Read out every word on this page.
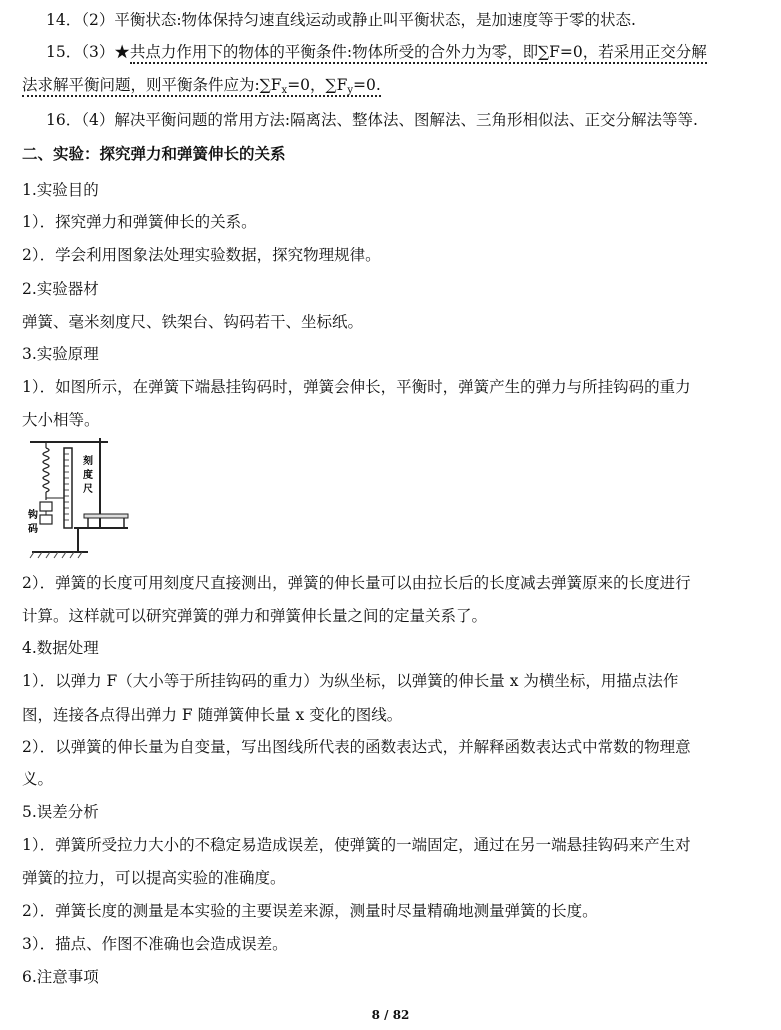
14．（2）平衡状态:物体保持匀速直线运动或静止叫平衡状态，是加速度等于零的状态.
15．（3）★共点力作用下的物体的平衡条件:物体所受的合外力为零，即∑F=0，若采用正交分解
法求解平衡问题，则平衡条件应为$:\sum F_x=0$，$\sum F_y=0$.
16．（4）解决平衡问题的常用方法:隔离法、整体法、图解法、三角形相似法、正交分解法等等.
二、实验：探究弹力和弹簧伸长的关系
1.实验目的
1）．探究弹力和弹簧伸长的关系。
2）．学会利用图象法处理实验数据，探究物理规律。
2.实验器材
弹簧、毫米刻度尺、铁架台、钩码若干、坐标纸。
3.实验原理
1）．如图所示，在弹簧下端悬挂钩码时，弹簧会伸长，平衡时，弹簧产生的弹力与所挂钩码的重力
大小相等。
刻
度
尺
钩
码
2）．弹簧的长度可用刻度尺直接测出，弹簧的伸长量可以由拉长后的长度减去弹簧原来的长度进行
计算。这样就可以研究弹簧的弹力和弹簧伸长量之间的定量关系了。
4.数据处理
1）．以弹力 F（大小等于所挂钩码的重力）为纵坐标，以弹簧的伸长量 x 为横坐标，用描点法作
图，连接各点得出弹力 F 随弹簧伸长量 x 变化的图线。
2）．以弹簧的伸长量为自变量，写出图线所代表的函数表达式，并解释函数表达式中常数的物理意
义。
5.误差分析
1）．弹簧所受拉力大小的不稳定易造成误差，使弹簧的一端固定，通过在另一端悬挂钩码来产生对
弹簧的拉力，可以提高实验的准确度。
2）．弹簧长度的测量是本实验的主要误差来源，测量时尽量精确地测量弹簧的长度。
3）．描点、作图不准确也会造成误差。
6.注意事项
8 / 82
